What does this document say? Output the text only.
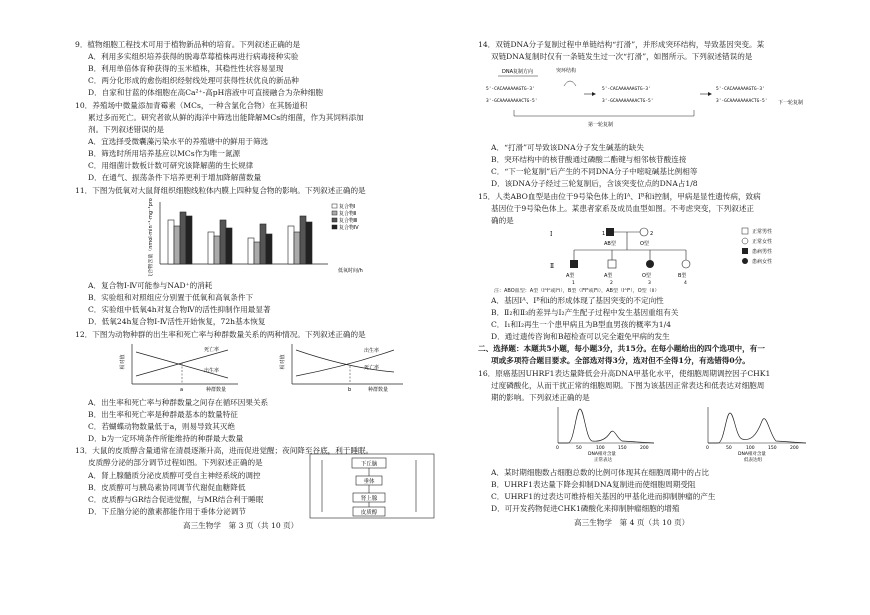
9．植物细胞工程技术可用于植物新品种的培育。下列叙述正确的是
A．利用多实组织培养获得的脱毒草莓植株再进行病毒接种实验
B．利用单倍体育种获得的玉米植株，其稳性性状容易显现
C．两分化形成的愈伤组织经射线处理可获得性状优良的新品种
D．自家和甘蓝的体细胞在高Ca²⁺-高pH溶液中可直接融合为杂种细胞
10．养殖场中微量添加青霉素（MCs，一种含氯化合物）在其肠道积
累过多而死亡。研究者欲从鲜的海洋中筛选出能降解MCs的细菌，作为其饲料添加
剂。下列叙述错误的是
A．宜选择受微囊藻污染水平的养殖塘中的鲜用于筛选
B．筛选时所用培养基应以MCs作为唯一氮源
C．用细菌计数板计数可研究该降解菌的生长规律
D．在通气、振荡条件下培养更利于增加降解菌数量
11．下图为低氧对大鼠肾组织细胞线粒体内膜上四种复合物的影响。下列叙述正确的是
复合物含量（nmol·min⁻¹·mg⁻¹pro）	低氧时间/h
复合物Ⅰ
复合物Ⅱ
复合物Ⅲ
复合物Ⅳ
A．复合物Ⅰ-Ⅳ可能参与NAD⁺的消耗
B．实验组和对照组应分别置于低氧和高氧条件下
C．实验组中低氧4h对复合物Ⅳ的活性抑制作用最显著
D．低氧24h复合物Ⅰ-Ⅳ活性开始恢复，72h基本恢复
12．下图为动物种群的出生率和死亡率与种群数量关系的两种情况。下列叙述正确的是
相对值
死亡率
出生率
a	种群数量
相对值
出生率
死亡率
b	种群数量
A．出生率和死亡率与种群数量之间存在循环因果关系
B．出生率和死亡率是种群最基本的数量特征
C．若蝴蝶动物数量低于a，则易导致其灭绝
D．b为一定环境条件所能维持的种群最大数量
13．大鼠的皮质醇含量通常在清晨逐渐升高，进而促进觉醒；夜间降至谷底，利于睡眠。
皮质醇分泌的部分调节过程如图。下列叙述正确的是
A．肾上腺髓质分泌皮质醇可受自主神经系统的调控
B．皮质醇可与胰岛素协同调节代谢促血糖降低
C．皮质醇与GR结合促进觉醒，与MR结合利于睡眠
D．下丘脑分泌的激素都能作用于垂体分泌调节
下丘脑
垂体
肾上腺
皮质醇
高三生物学　第 3 页（共 10 页）
14．双链DNA分子复制过程中单链结构“打滑”，并形成突环结构，导致基因突变。某
双链DNA复制时仅有一条链发生过一次“打滑”，如图所示。下列叙述错误的是
DNA复制方向	突环结构
5'-CACAAAAAAGTG-3'
3'-GCAAAAAAAACTG-5'
5'-CACAAAAAAGTG-3'
3'-GCAAAAAAAACTG-5'
5'-CACAAAAAAGTG-3'
3'-GCAAAAAAAACTG-5' 下一轮复制
第一轮复制
A．“打滑”可导致该DNA分子发生碱基的缺失
B．突环结构中的核苷酸通过磷酸二酯键与相邻核苷酸连接
C．“下一轮复制”后产生的不同DNA分子中嘧啶碱基比例相等
D．该DNA分子经过三轮复制后，含该突变位点的DNA占1/8
15．人类ABO血型是由位于9号染色体上的Iᴬ、Iᴮ和i控制，甲病是显性遗传病，致病
基因位于9号染色体上。某患者家系及成员血型如图。不考虑突变，下列叙述正
确的是
Ⅰ
Ⅱ
1
AB型
2
O型
A型	A型	O型	B型
1	2	3	4
正常男性
正常女性
患病男性
患病女性
注：ABO血型：A型（IᴬIᴬ或Iᴬi），B型（IᴮIᴮ或Iᴮi），AB型（IᴬIᴮ），O型（ii）
A．基因Iᴬ、Iᴮ和i的形成体现了基因突变的不定向性
B．Ⅱ₂和Ⅱ₃的差异与Ⅰ₂产生配子过程中发生基因重组有关
C．Ⅰ₁和Ⅰ₂再生一个患甲病且为B型血男孩的概率为1/4
D．通过遗传咨询和B超检查可以完全避免甲病的发生
二、选择题：本题共5小题，每小题3分，共15分。在每小题给出的四个选项中，有一
项或多项符合题目要求。全部选对得3分，选对但不全得1分，有选错得0分。
16．原癌基因UHRF1表达量降低会升高DNA甲基化水平，使细胞周期调控因子CHK1
过度磷酸化，从而干扰正常的细胞周期。下图为该基因正常表达和低表达对细胞周
期的影响。下列叙述正确的是
0	50	100	150	200
DNA相对含量
正常表达
0	50	100	150	200
DNA相对含量
低表达组
A．某时期细胞数占细胞总数的比例可体现其在细胞周期中的占比
B．UHRF1表达量下降会抑制DNA复制进而使细胞周期受阻
C．UHRF1的过表达可维持相关基因的甲基化进而抑制肿瘤的产生
D．可开发药物促进CHK1磷酸化来抑制肿瘤细胞的增殖
高三生物学　第 4 页（共 10 页）
